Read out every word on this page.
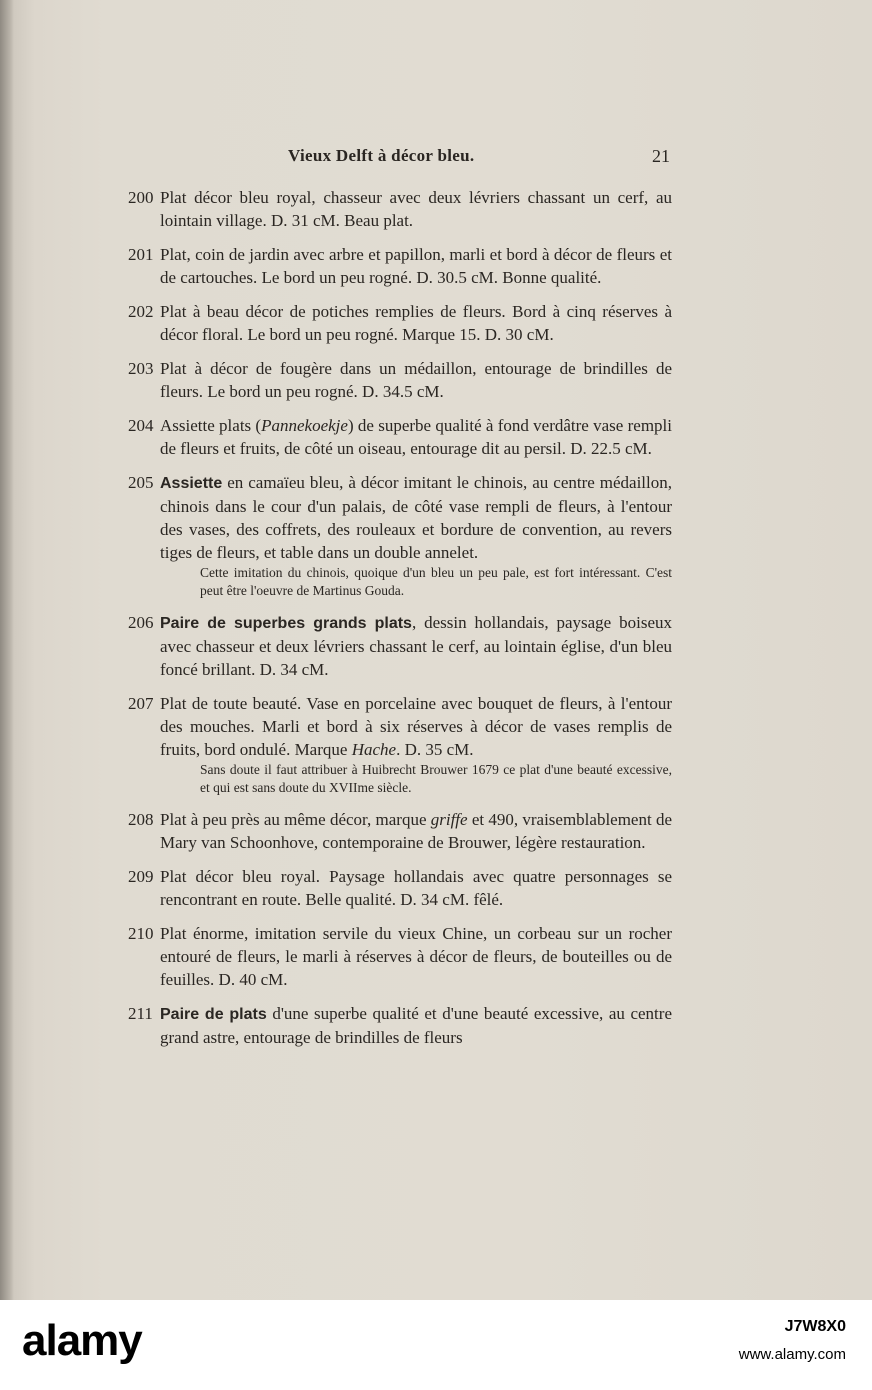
Vieux Delft à décor bleu.	21
200 Plat décor bleu royal, chasseur avec deux lévriers chassant un cerf, au lointain village. D. 31 cM. Beau plat.
201 Plat, coin de jardin avec arbre et papillon, marli et bord à décor de fleurs et de cartouches. Le bord un peu rogné. D. 30.5 cM. Bonne qualité.
202 Plat à beau décor de potiches remplies de fleurs. Bord à cinq réserves à décor floral. Le bord un peu rogné. Marque 15. D. 30 cM.
203 Plat à décor de fougère dans un médaillon, entourage de brindilles de fleurs. Le bord un peu rogné. D. 34.5 cM.
204 Assiette plats (Pannekoekje) de superbe qualité à fond verdâtre vase rempli de fleurs et fruits, de côté un oiseau, entourage dit au persil. D. 22.5 cM.
205 Assiette en camaïeu bleu, à décor imitant le chinois, au centre médaillon, chinois dans le cour d'un palais, de côté vase rempli de fleurs, à l'entour des vases, des coffrets, des rouleaux et bordure de convention, au revers tiges de fleurs, et table dans un double annelet.
Cette imitation du chinois, quoique d'un bleu un peu pale, est fort intéressant. C'est peut être l'oeuvre de Martinus Gouda.
206 Paire de superbes grands plats, dessin hollandais, paysage boiseux avec chasseur et deux lévriers chassant le cerf, au lointain église, d'un bleu foncé brillant. D. 34 cM.
207 Plat de toute beauté. Vase en porcelaine avec bouquet de fleurs, à l'entour des mouches. Marli et bord à six réserves à décor de vases remplis de fruits, bord ondulé. Marque Hache. D. 35 cM.
Sans doute il faut attribuer à Huibrecht Brouwer 1679 ce plat d'une beauté excessive, et qui est sans doute du XVIIme siècle.
208 Plat à peu près au même décor, marque griffe et 490, vraisemblablement de Mary van Schoonhove, contemporaine de Brouwer, légère restauration.
209 Plat décor bleu royal. Paysage hollandais avec quatre personnages se rencontrant en route. Belle qualité. D. 34 cM. fêlé.
210 Plat énorme, imitation servile du vieux Chine, un corbeau sur un rocher entouré de fleurs, le marli à réserves à décor de fleurs, de bouteilles ou de feuilles. D. 40 cM.
211 Paire de plats d'une superbe qualité et d'une beauté excessive, au centre grand astre, entourage de brindilles de fleurs
alamy	J7W8X0
www.alamy.com
